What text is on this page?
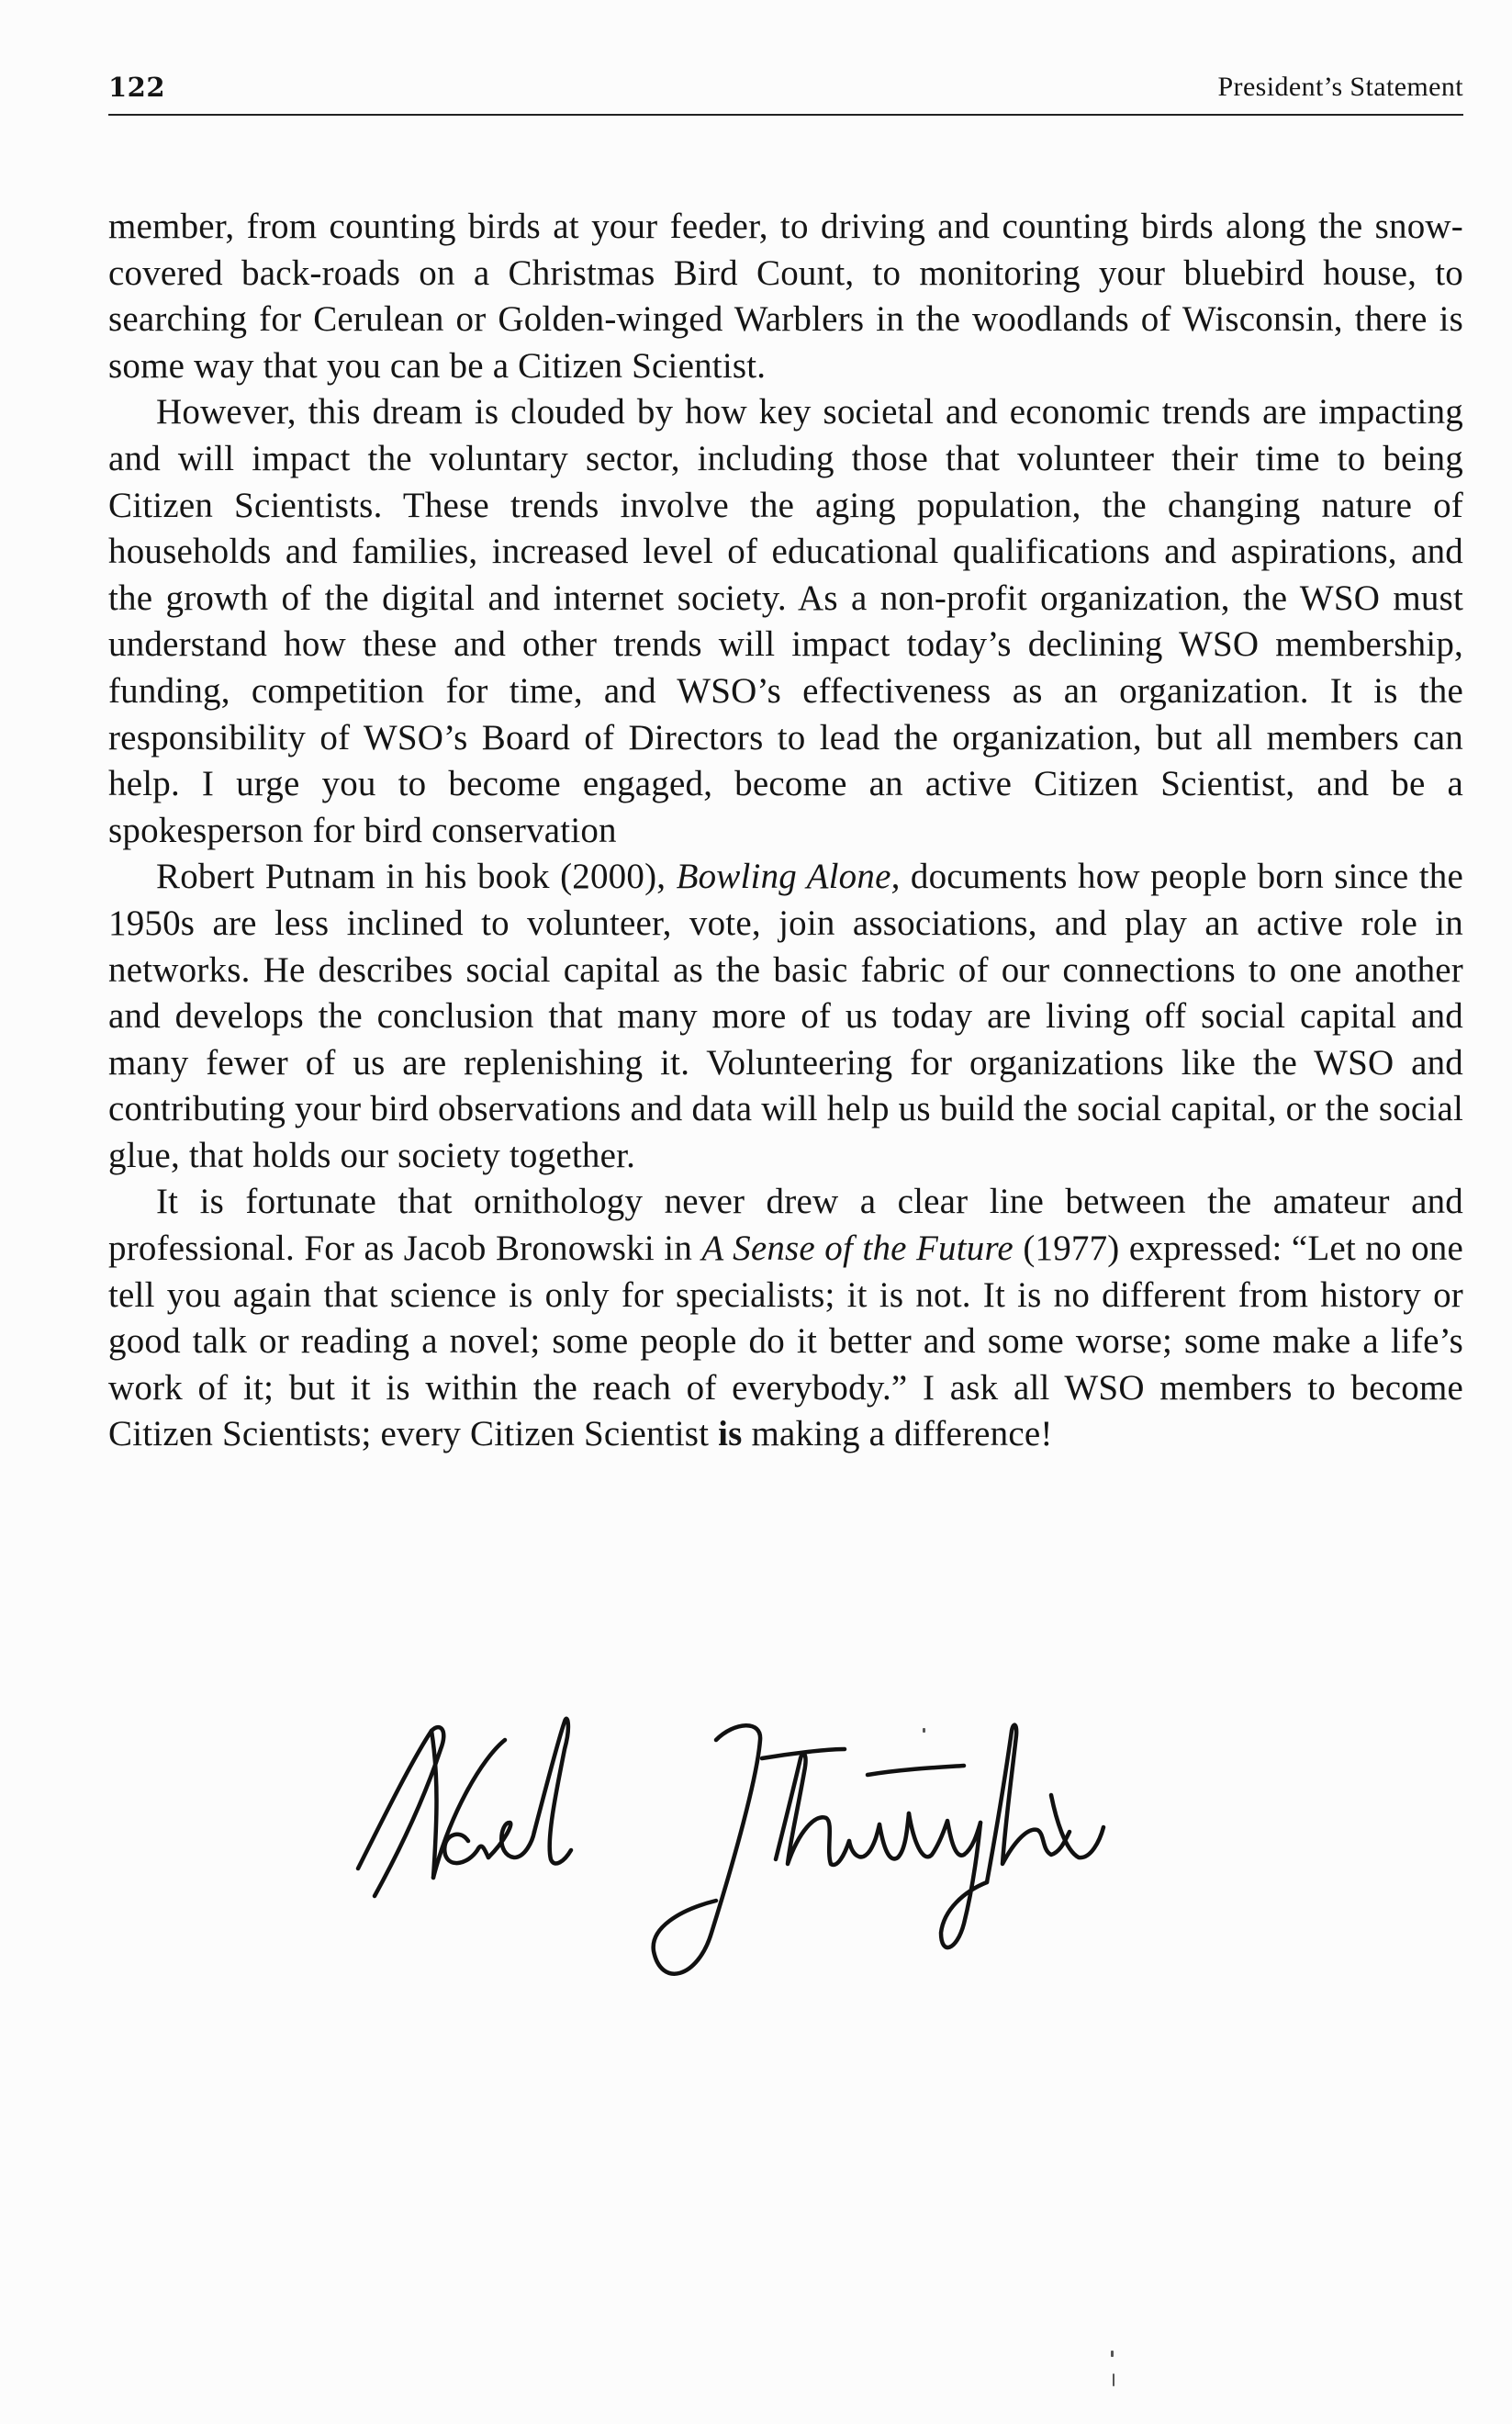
122	President’s Statement

member, from counting birds at your feeder, to driving and counting birds along the snow-covered back-roads on a Christmas Bird Count, to monitoring your bluebird house, to searching for Cerulean or Golden-winged Warblers in the woodlands of Wisconsin, there is some way that you can be a Citizen Scientist.

However, this dream is clouded by how key societal and economic trends are impacting and will impact the voluntary sector, including those that volunteer their time to being Citizen Scientists. These trends involve the aging population, the changing nature of households and families, increased level of educational qualifications and aspirations, and the growth of the digital and internet society. As a non-profit organization, the WSO must understand how these and other trends will impact today’s declining WSO membership, funding, competition for time, and WSO’s effectiveness as an organization. It is the responsibility of WSO’s Board of Directors to lead the organization, but all members can help. I urge you to become engaged, become an active Citizen Scientist, and be a spokesperson for bird conservation

Robert Putnam in his book (2000), Bowling Alone, documents how people born since the 1950s are less inclined to volunteer, vote, join associations, and play an active role in networks. He describes social capital as the basic fabric of our connections to one another and develops the conclusion that many more of us today are living off social capital and many fewer of us are replenishing it. Volunteering for organizations like the WSO and contributing your bird observations and data will help us build the social capital, or the social glue, that holds our society together.

It is fortunate that ornithology never drew a clear line between the amateur and professional. For as Jacob Bronowski in A Sense of the Future (1977) expressed: “Let no one tell you again that science is only for specialists; it is not. It is no different from history or good talk or reading a novel; some people do it better and some worse; some make a life’s work of it; but it is within the reach of everybody.” I ask all WSO members to become Citizen Scientists; every Citizen Scientist is making a difference!
